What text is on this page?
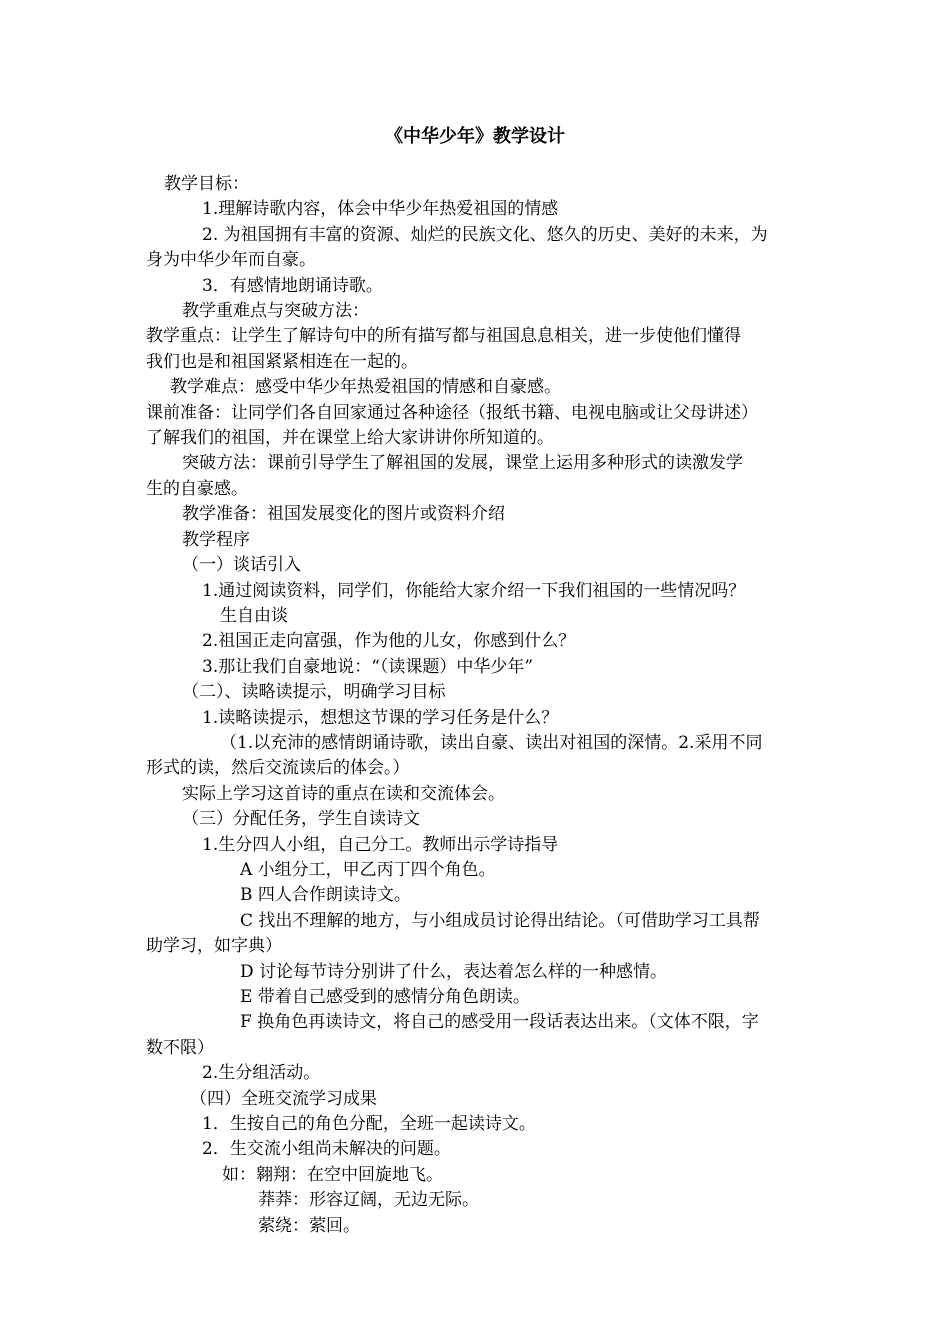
《中华少年》教学设计

教学目标：

1.理解诗歌内容，体会中华少年热爱祖国的情感

2. 为祖国拥有丰富的资源、灿烂的民族文化、悠久的历史、美好的未来，为

身为中华少年而自豪。

3．有感情地朗诵诗歌。

教学重难点与突破方法：

教学重点：让学生了解诗句中的所有描写都与祖国息息相关，进一步使他们懂得

我们也是和祖国紧紧相连在一起的。

教学难点：感受中华少年热爱祖国的情感和自豪感。

课前准备：让同学们各自回家通过各种途径（报纸书籍、电视电脑或让父母讲述）

了解我们的祖国，并在课堂上给大家讲讲你所知道的。

突破方法：课前引导学生了解祖国的发展，课堂上运用多种形式的读激发学

生的自豪感。

教学准备：祖国发展变化的图片或资料介绍

教学程序

（一）谈话引入

1.通过阅读资料，同学们，你能给大家介绍一下我们祖国的一些情况吗？

生自由谈

2.祖国正走向富强，作为他的儿女，你感到什么？

3.那让我们自豪地说：“（读课题）中华少年”

（二）、读略读提示，明确学习目标

1.读略读提示，想想这节课的学习任务是什么？

（1.以充沛的感情朗诵诗歌，读出自豪、读出对祖国的深情。2.采用不同

形式的读，然后交流读后的体会。）

实际上学习这首诗的重点在读和交流体会。

（三）分配任务，学生自读诗文

1.生分四人小组，自己分工。教师出示学诗指导

A 小组分工，甲乙丙丁四个角色。

B 四人合作朗读诗文。

C 找出不理解的地方，与小组成员讨论得出结论。（可借助学习工具帮

助学习，如字典）

D 讨论每节诗分别讲了什么，表达着怎么样的一种感情。

E 带着自己感受到的感情分角色朗读。

F 换角色再读诗文，将自己的感受用一段话表达出来。（文体不限，字

数不限）

2.生分组活动。

（四）全班交流学习成果

1．生按自己的角色分配，全班一起读诗文。

2．生交流小组尚未解决的问题。

如：翱翔：在空中回旋地飞。

莽莽：形容辽阔，无边无际。

萦绕：萦回。
